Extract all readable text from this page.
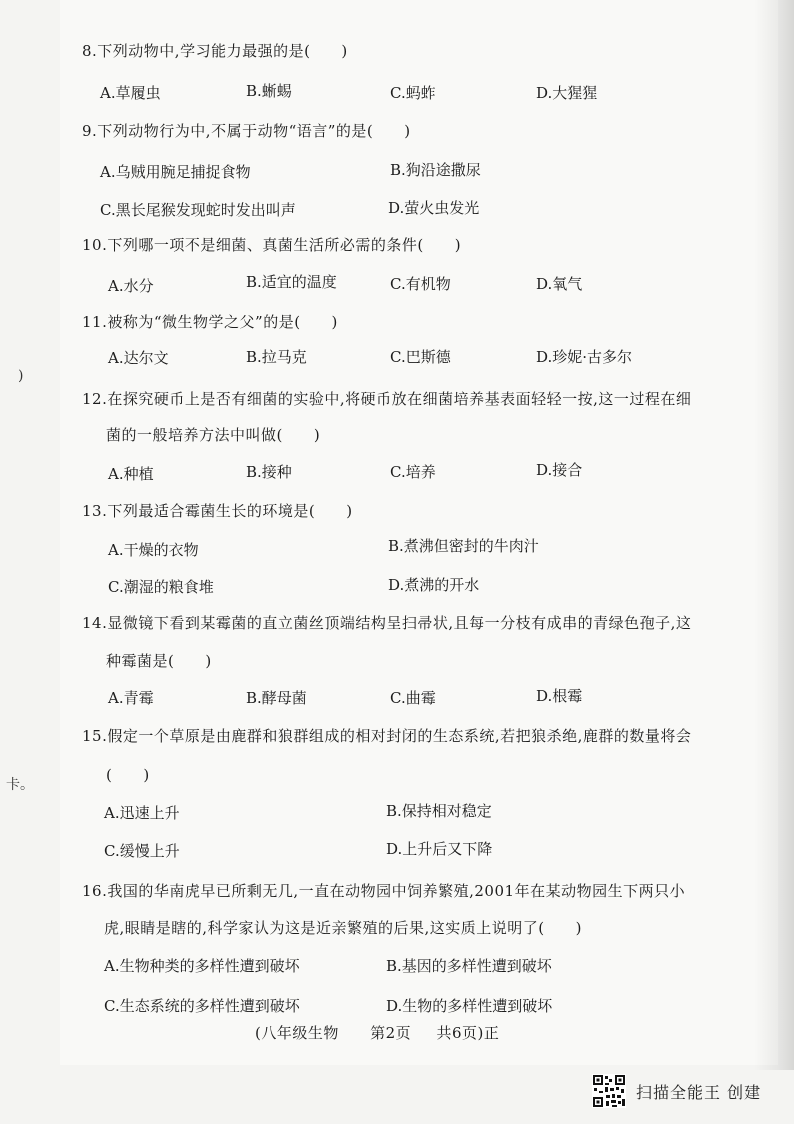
)
卡。
8.下列动物中,学习能力最强的是(　　)
A.草履虫	B.蜥蜴	C.蚂蚱	D.大猩猩
9.下列动物行为中,不属于动物“语言”的是(　　)
A.乌贼用腕足捕捉食物	B.狗沿途撒尿
C.黑长尾猴发现蛇时发出叫声	D.萤火虫发光
10.下列哪一项不是细菌、真菌生活所必需的条件(　　)
A.水分	B.适宜的温度	C.有机物	D.氧气
11.被称为“微生物学之父”的是(　　)
A.达尔文	B.拉马克	C.巴斯德	D.珍妮·古多尔
12.在探究硬币上是否有细菌的实验中,将硬币放在细菌培养基表面轻轻一按,这一过程在细
菌的一般培养方法中叫做(　　)
A.种植	B.接种	C.培养	D.接合
13.下列最适合霉菌生长的环境是(　　)
A.干燥的衣物	B.煮沸但密封的牛肉汁
C.潮湿的粮食堆	D.煮沸的开水
14.显微镜下看到某霉菌的直立菌丝顶端结构呈扫帚状,且每一分枝有成串的青绿色孢子,这
种霉菌是(　　)
A.青霉	B.酵母菌	C.曲霉	D.根霉
15.假定一个草原是由鹿群和狼群组成的相对封闭的生态系统,若把狼杀绝,鹿群的数量将会
(　　)
A.迅速上升	B.保持相对稳定
C.缓慢上升	D.上升后又下降
16.我国的华南虎早已所剩无几,一直在动物园中饲养繁殖,2001年在某动物园生下两只小
虎,眼睛是瞎的,科学家认为这是近亲繁殖的后果,这实质上说明了(　　)
A.生物种类的多样性遭到破坏	B.基因的多样性遭到破坏
C.生态系统的多样性遭到破坏	D.生物的多样性遭到破坏
(八年级生物 第2页 共6页)正
扫描全能王 创建
